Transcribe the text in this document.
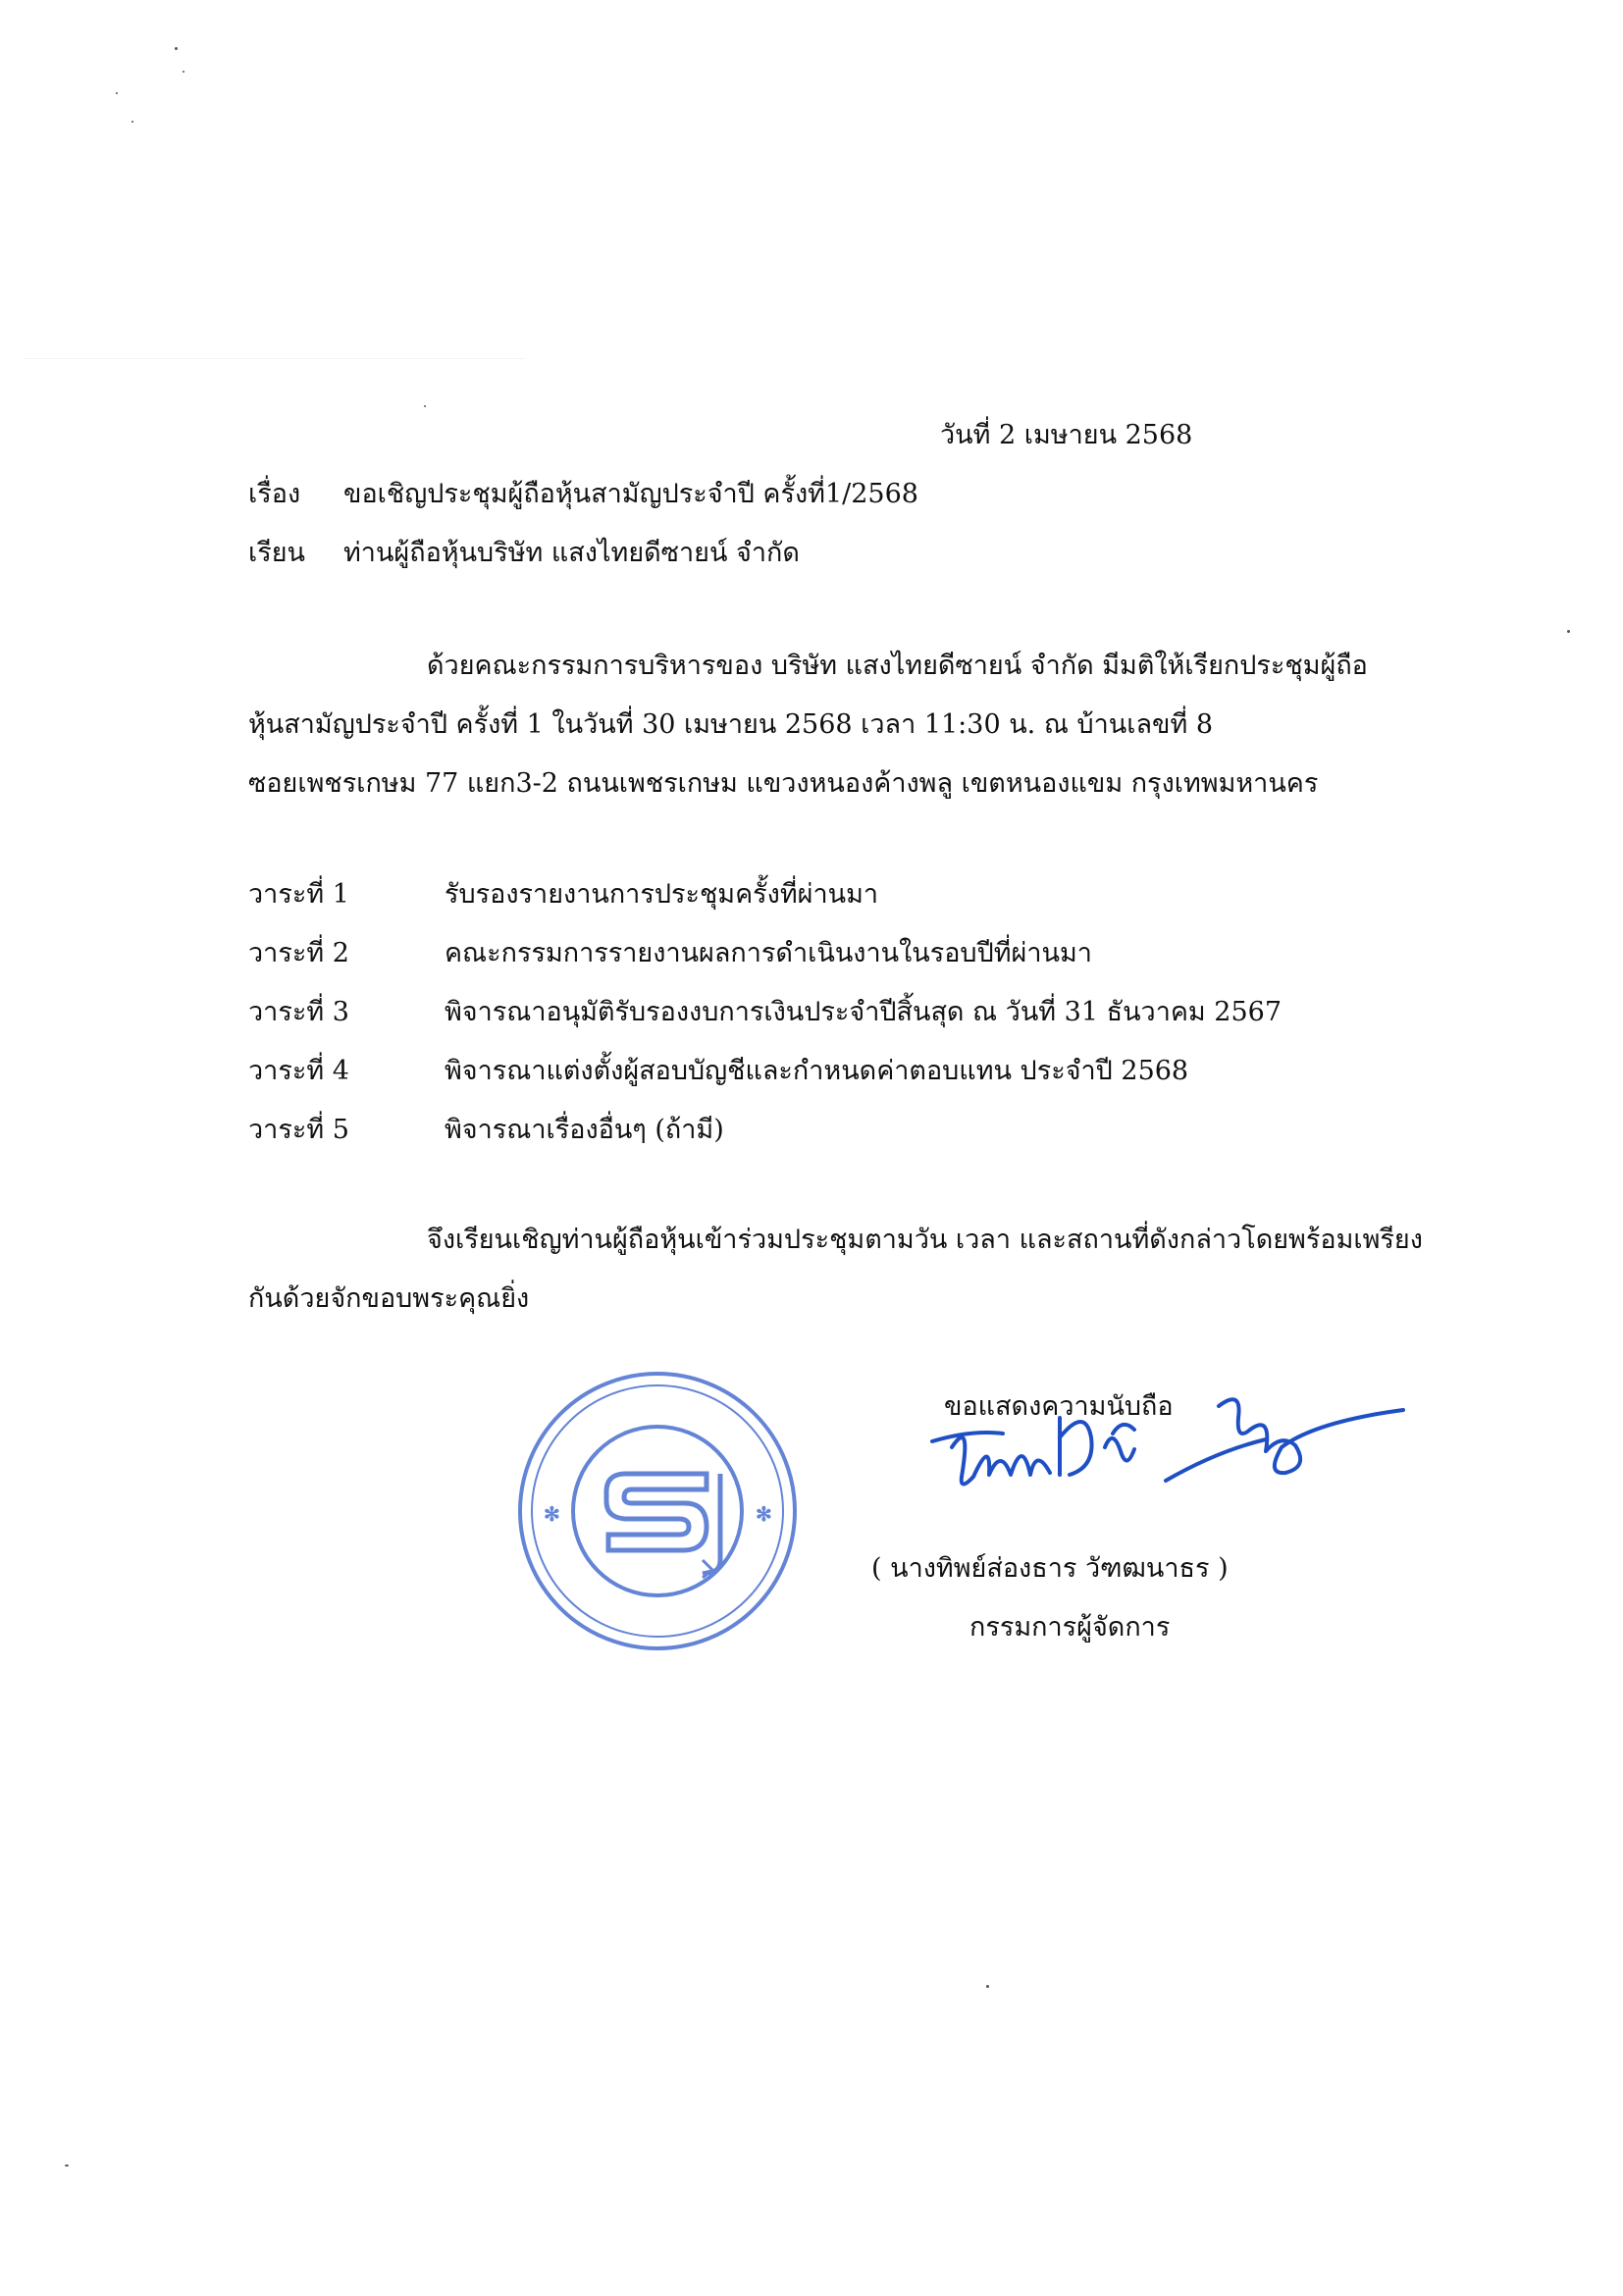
วันที่ 2 เมษายน 2568
เรื่อง ขอเชิญประชุมผู้ถือหุ้นสามัญประจำปี ครั้งที่1/2568
เรียน ท่านผู้ถือหุ้นบริษัท แสงไทยดีซายน์ จำกัด
ด้วยคณะกรรมการบริหารของ บริษัท แสงไทยดีซายน์ จำกัด มีมติให้เรียกประชุมผู้ถือ
หุ้นสามัญประจำปี ครั้งที่ 1 ในวันที่ 30 เมษายน 2568 เวลา 11:30 น. ณ บ้านเลขที่ 8
ซอยเพชรเกษม 77 แยก3-2 ถนนเพชรเกษม แขวงหนองค้างพลู เขตหนองแขม กรุงเทพมหานคร
วาระที่ 1	รับรองรายงานการประชุมครั้งที่ผ่านมา
วาระที่ 2	คณะกรรมการรายงานผลการดำเนินงานในรอบปีที่ผ่านมา
วาระที่ 3	พิจารณาอนุมัติรับรองงบการเงินประจำปีสิ้นสุด ณ วันที่ 31 ธันวาคม 2567
วาระที่ 4	พิจารณาแต่งตั้งผู้สอบบัญชีและกำหนดค่าตอบแทน ประจำปี 2568
วาระที่ 5	พิจารณาเรื่องอื่นๆ (ถ้ามี)
จึงเรียนเชิญท่านผู้ถือหุ้นเข้าร่วมประชุมตามวัน เวลา และสถานที่ดังกล่าวโดยพร้อมเพรียง
กันด้วยจักขอบพระคุณยิ่ง
ขอแสดงความนับถือ
✻	✻
( นางทิพย์ส่องธาร วัฑฒนาธร )
กรรมการผู้จัดการ
